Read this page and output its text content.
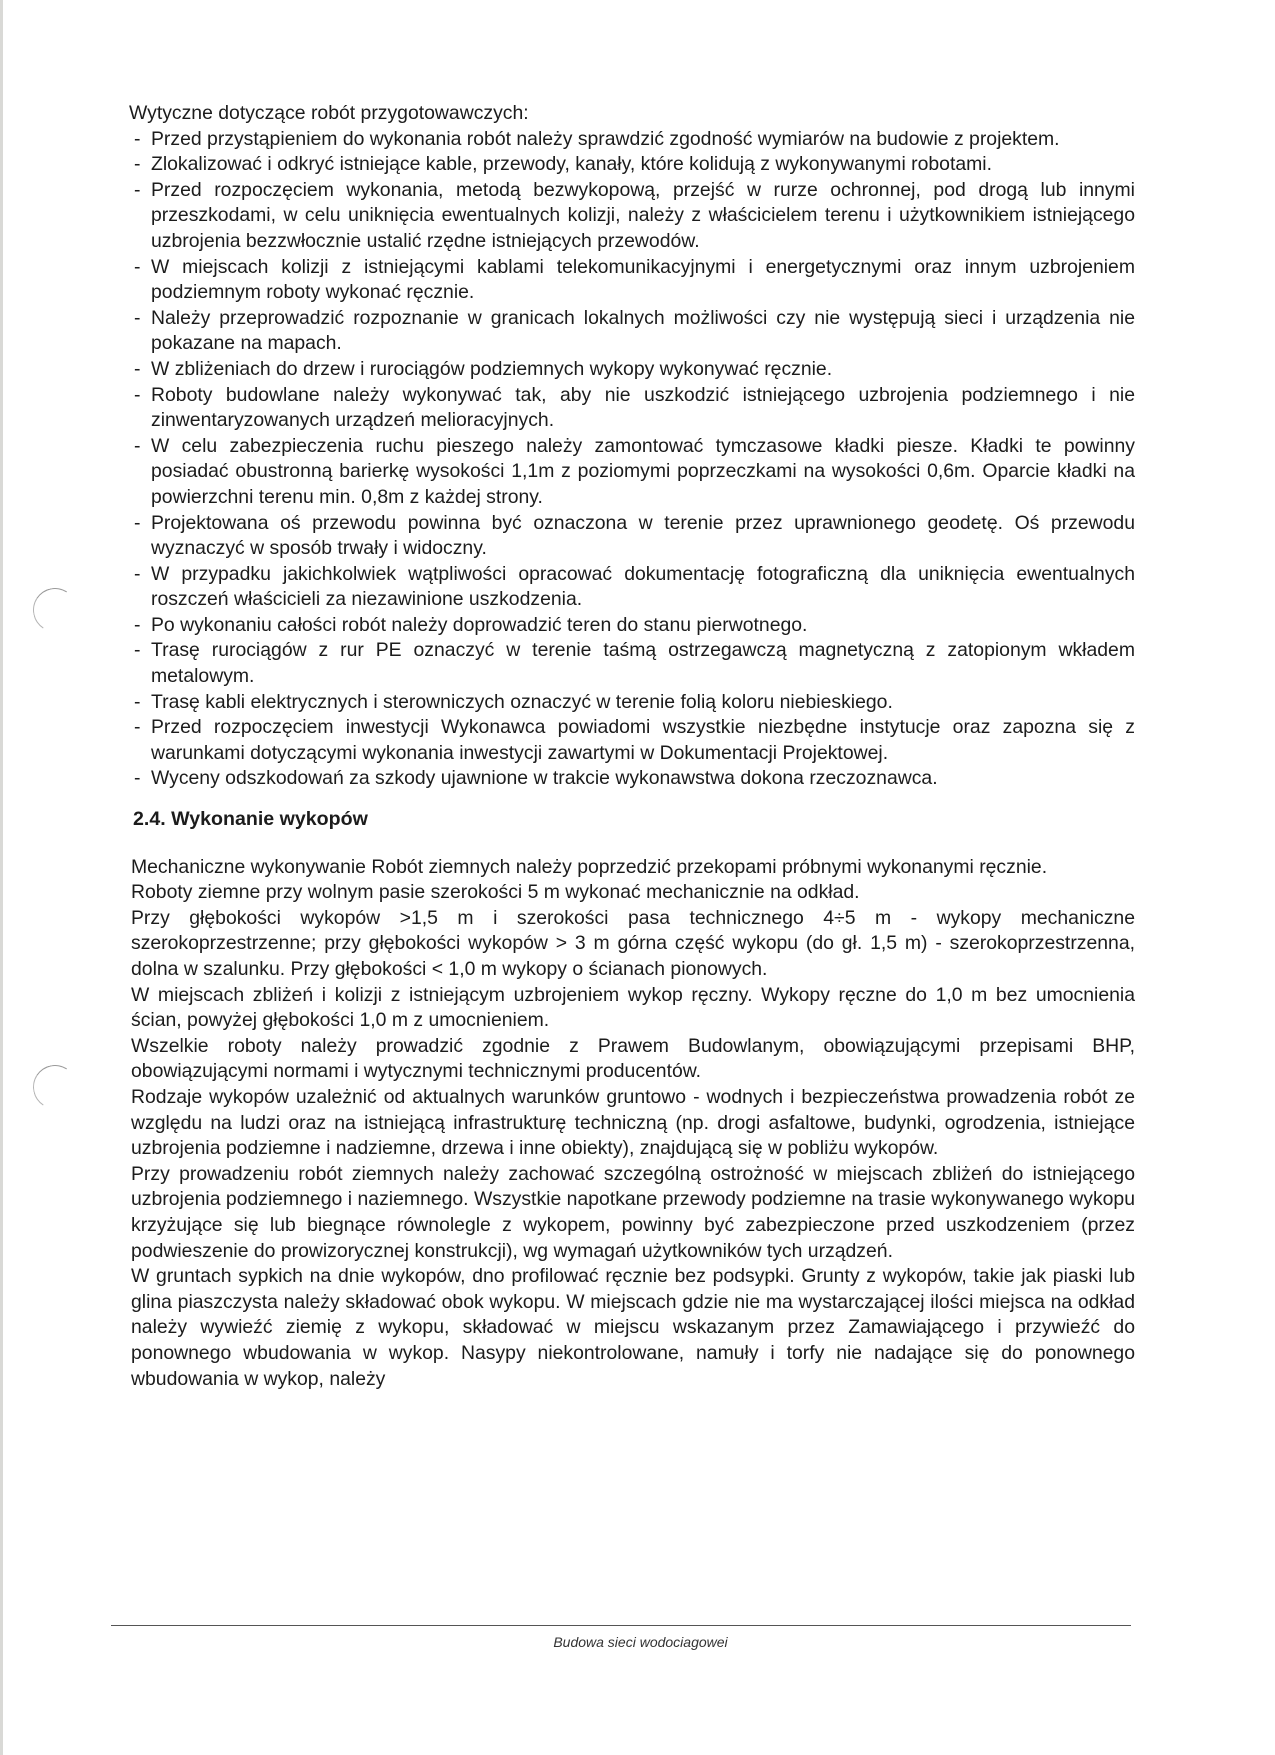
Wytyczne dotyczące robót przygotowawczych:

- Przed przystąpieniem do wykonania robót należy sprawdzić zgodność wymiarów na budowie z projektem.
- Zlokalizować i odkryć istniejące kable, przewody, kanały, które kolidują z wykonywanymi robotami.
- Przed rozpoczęciem wykonania, metodą bezwykopową, przejść w rurze ochronnej, pod drogą lub innymi przeszkodami, w celu uniknięcia ewentualnych kolizji, należy z właścicielem terenu i użytkownikiem istniejącego uzbrojenia bezzwłocznie ustalić rzędne istniejących przewodów.
- W miejscach kolizji z istniejącymi kablami telekomunikacyjnymi i energetycznymi oraz innym uzbrojeniem podziemnym roboty wykonać ręcznie.
- Należy przeprowadzić rozpoznanie w granicach lokalnych możliwości czy nie występują sieci i urządzenia nie pokazane na mapach.
- W zbliżeniach do drzew i rurociągów podziemnych wykopy wykonywać ręcznie.
- Roboty budowlane należy wykonywać tak, aby nie uszkodzić istniejącego uzbrojenia podziemnego i nie zinwentaryzowanych urządzeń melioracyjnych.
- W celu zabezpieczenia ruchu pieszego należy zamontować tymczasowe kładki piesze. Kładki te powinny posiadać obustronną barierkę wysokości 1,1m z poziomymi poprzeczkami na wysokości 0,6m. Oparcie kładki na powierzchni terenu min. 0,8m z każdej strony.
- Projektowana oś przewodu powinna być oznaczona w terenie przez uprawnionego geodetę. Oś przewodu wyznaczyć w sposób trwały i widoczny.
- W przypadku jakichkolwiek wątpliwości opracować dokumentację fotograficzną dla uniknięcia ewentualnych roszczeń właścicieli za niezawinione uszkodzenia.
- Po wykonaniu całości robót należy doprowadzić teren do stanu pierwotnego.
- Trasę rurociągów z rur PE oznaczyć w terenie taśmą ostrzegawczą magnetyczną z zatopionym wkładem metalowym.
- Trasę kabli elektrycznych i sterowniczych oznaczyć w terenie folią koloru niebieskiego.
- Przed rozpoczęciem inwestycji Wykonawca powiadomi wszystkie niezbędne instytucje oraz zapozna się z warunkami dotyczącymi wykonania inwestycji zawartymi w Dokumentacji Projektowej.
- Wyceny odszkodowań za szkody ujawnione w trakcie wykonawstwa dokona rzeczoznawca.
2.4. Wykonanie wykopów

Mechaniczne wykonywanie Robót ziemnych należy poprzedzić przekopami próbnymi wykonanymi ręcznie.

Roboty ziemne przy wolnym pasie szerokości 5 m wykonać mechanicznie na odkład.

Przy głębokości wykopów >1,5 m i szerokości pasa technicznego 4÷5 m - wykopy mechaniczne szerokoprzestrzenne; przy głębokości wykopów > 3 m górna część wykopu (do gł. 1,5 m) - szerokoprzestrzenna, dolna w szalunku. Przy głębokości < 1,0 m wykopy o ścianach pionowych.

W miejscach zbliżeń i kolizji z istniejącym uzbrojeniem wykop ręczny. Wykopy ręczne do 1,0 m bez umocnienia ścian, powyżej głębokości 1,0 m z umocnieniem.

Wszelkie roboty należy prowadzić zgodnie z Prawem Budowlanym, obowiązującymi przepisami BHP, obowiązującymi normami i wytycznymi technicznymi producentów.

Rodzaje wykopów uzależnić od aktualnych warunków gruntowo - wodnych i bezpieczeństwa prowadzenia robót ze względu na ludzi oraz na istniejącą infrastrukturę techniczną (np. drogi asfaltowe, budynki, ogrodzenia, istniejące uzbrojenia podziemne i nadziemne, drzewa i inne obiekty), znajdującą się w pobliżu wykopów.

Przy prowadzeniu robót ziemnych należy zachować szczególną ostrożność w miejscach zbliżeń do istniejącego uzbrojenia podziemnego i naziemnego. Wszystkie napotkane przewody podziemne na trasie wykonywanego wykopu krzyżujące się lub biegnące równolegle z wykopem, powinny być zabezpieczone przed uszkodzeniem (przez podwieszenie do prowizorycznej konstrukcji), wg wymagań użytkowników tych urządzeń.

W gruntach sypkich na dnie wykopów, dno profilować ręcznie bez podsypki. Grunty z wykopów, takie jak piaski lub glina piaszczysta należy składować obok wykopu. W miejscach gdzie nie ma wystarczającej ilości miejsca na odkład należy wywieźć ziemię z wykopu, składować w miejscu wskazanym przez Zamawiającego i przywieźć do ponownego wbudowania w wykop. Nasypy niekontrolowane, namuły i torfy nie nadające się do ponownego wbudowania w wykop, należy

Budowa sieci wodociagowei
